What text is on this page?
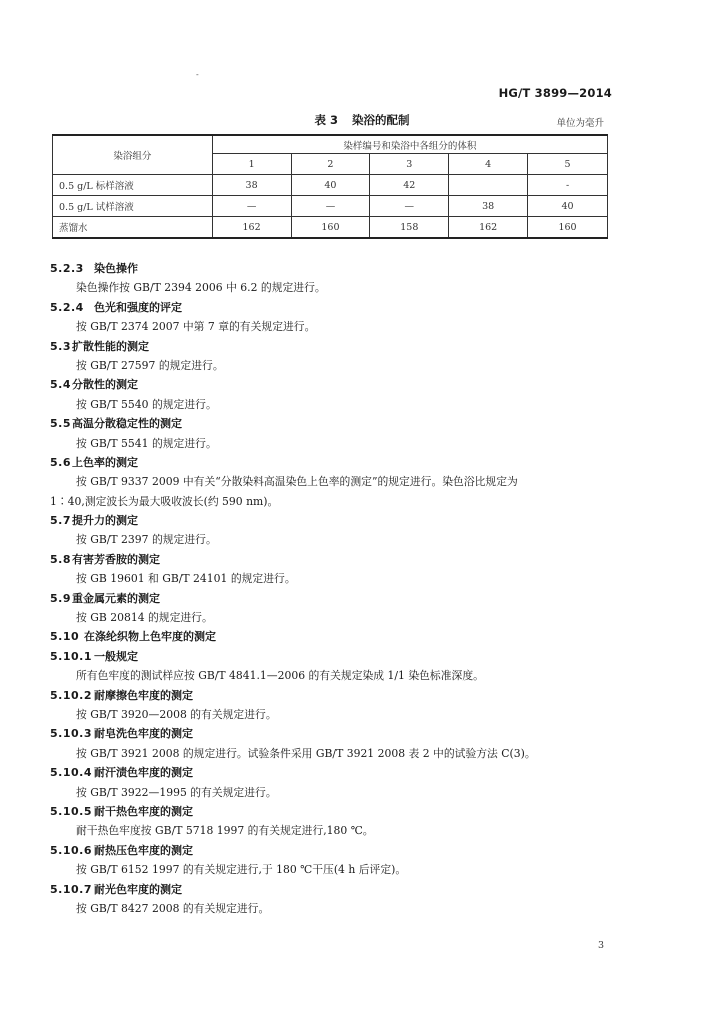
-
HG/T 3899—2014
表 3 染浴的配制	单位为毫升
染浴组分	染样编号和染浴中各组分的体积				
	1	2	3	4	5
0.5 g/L 标样溶液	38	40	42		-
0.5 g/L 试样溶液	—	—	—	38	40
蒸馏水	162	160	158	162	160
5.2.3 染色操作
染色操作按 GB/T 2394 2006 中 6.2 的规定进行。
5.2.4 色光和强度的评定
按 GB/T 2374 2007 中第 7 章的有关规定进行。
5.3扩散性能的测定
按 GB/T 27597 的规定进行。
5.4分散性的测定
按 GB/T 5540 的规定进行。
5.5高温分散稳定性的测定
按 GB/T 5541 的规定进行。
5.6上色率的测定
按 GB/T 9337 2009 中有关“分散染料高温染色上色率的测定”的规定进行。染色浴比规定为
1∶40,测定波长为最大吸收波长(约 590 nm)。
5.7提升力的测定
按 GB/T 2397 的规定进行。
5.8有害芳香胺的测定
按 GB 19601 和 GB/T 24101 的规定进行。
5.9重金属元素的测定
按 GB 20814 的规定进行。
5.10 在涤纶织物上色牢度的测定
5.10.1 一般规定
所有色牢度的测试样应按 GB/T 4841.1—2006 的有关规定染成 1/1 染色标准深度。
5.10.2 耐摩擦色牢度的测定
按 GB/T 3920—2008 的有关规定进行。
5.10.3 耐皂洗色牢度的测定
按 GB/T 3921 2008 的规定进行。试验条件采用 GB/T 3921 2008 表 2 中的试验方法 C(3)。
5.10.4 耐汗渍色牢度的测定
按 GB/T 3922—1995 的有关规定进行。
5.10.5 耐干热色牢度的测定
耐干热色牢度按 GB/T 5718 1997 的有关规定进行,180 ℃。
5.10.6 耐热压色牢度的测定
按 GB/T 6152 1997 的有关规定进行,于 180 ℃干压(4 h 后评定)。
5.10.7 耐光色牢度的测定
按 GB/T 8427 2008 的有关规定进行。
3
